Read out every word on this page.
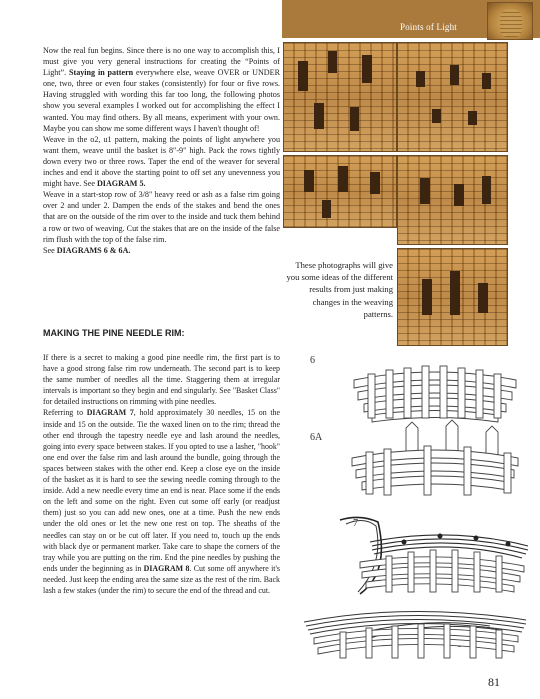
Points of Light

Now the real fun begins. Since there is no one way to accomplish this, I must give you very general instructions for creating the “Points of Light”. Staying in pattern everywhere else, weave OVER or UNDER one, two, three or even four stakes (consistently) for four or five rows. Having struggled with wording this far too long, the following photos show you several examples I worked out for accomplishing the effect I wanted. You may find others. By all means, experiment with your own. Maybe you can show me some different ways I haven't thought of!

Weave in the o2, u1 pattern, making the points of light anywhere you want them, weave until the basket is 8"-9" high. Pack the rows tightly down every two or three rows. Taper the end of the weaver for several inches and end it above the starting point to off set any unevenness you might have. See DIAGRAM 5.

Weave in a start-stop row of 3/8" heavy reed or ash as a false rim going over 2 and under 2. Dampen the ends of the stakes and bend the ones that are on the outside of the rim over to the inside and tuck them behind a row or two of weaving. Cut the stakes that are on the inside of the false rim flush with the top of the false rim.

See DIAGRAMS 6 & 6A.

MAKING THE PINE NEEDLE RIM:

If there is a secret to making a good pine needle rim, the first part is to have a good strong false rim row underneath. The second part is to keep the same number of needles all the time. Staggering them at irregular intervals is important so they begin and end singularly. See "Basket Class" for detailed instructions on rimming with pine needles.

Referring to DIAGRAM 7, hold approximately 30 needles, 15 on the inside and 15 on the outside. Tie the waxed linen on to the rim; thread the other end through the tapestry needle eye and lash around the needles, going into every space between stakes. If you opted to use a lasher, "hook" one end over the false rim and lash around the bundle, going through the spaces between stakes with the other end. Keep a close eye on the inside of the basket as it is hard to see the sewing needle coming through to the inside. Add a new needle every time an end is near. Place some if the ends on the left and some on the right. Even cut some off early (or readjust them) just so you can add new ones, one at a time. Push the new ends under the old ones or let the new one rest on top. The sheaths of the needles can stay on or be cut off later. If you need to, touch up the ends with black dye or permanent marker. Take care to shape the corners of the tray while you are putting on the rim. End the pine needles by pushing the ends under the beginning as in DIAGRAM 8. Cut some off anywhere it's needed. Just keep the ending area the same size as the rest of the rim. Back lash a few stakes (under the rim) to secure the end of the thread and cut.

These photographs will give you some ideas of the different results from just making changes in the weaving patterns.
6
6A
7
81
